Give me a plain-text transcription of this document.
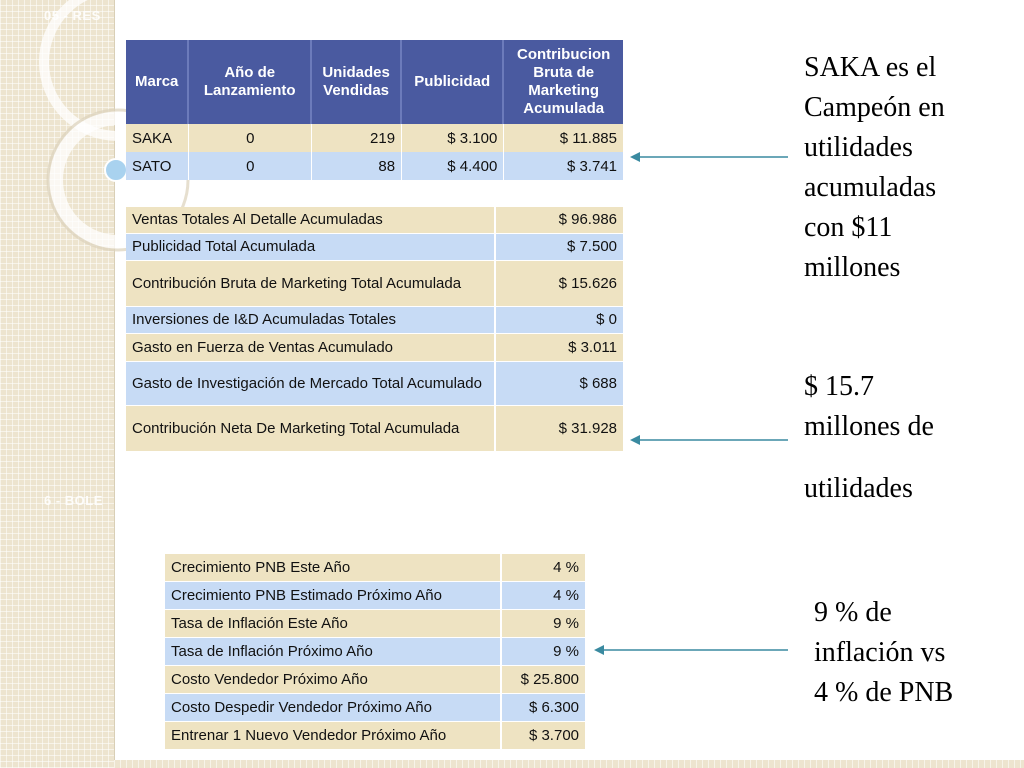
05 - RES
6 - BOLE
Marca	Año de Lanzamiento	Unidades Vendidas	Publicidad	Contribucion Bruta de Marketing Acumulada
SAKA	0	219	$ 3.100	$ 11.885
SATO	0	88	$ 4.400	$ 3.741
Ventas Totales Al Detalle Acumuladas	$ 96.986
Publicidad Total Acumulada	$ 7.500
Contribución Bruta de Marketing Total Acumulada	$ 15.626
Inversiones de I&D Acumuladas Totales	$ 0
Gasto en Fuerza de Ventas Acumulado	$ 3.011
Gasto de Investigación de Mercado Total Acumulado	$ 688
Contribución Neta De Marketing Total Acumulada	$ 31.928
Crecimiento PNB Este Año	4 %
Crecimiento PNB Estimado Próximo Año	4 %
Tasa de Inflación Este Año	9 %
Tasa de Inflación Próximo Año	9 %
Costo Vendedor Próximo Año	$ 25.800
Costo Despedir Vendedor Próximo Año	$ 6.300
Entrenar 1 Nuevo Vendedor Próximo Año	$ 3.700
SAKA es el
Campeón en
utilidades
acumuladas
con $11
millones
$ 15.7
millones de
utilidades
9 % de
inflación vs
4 % de PNB
